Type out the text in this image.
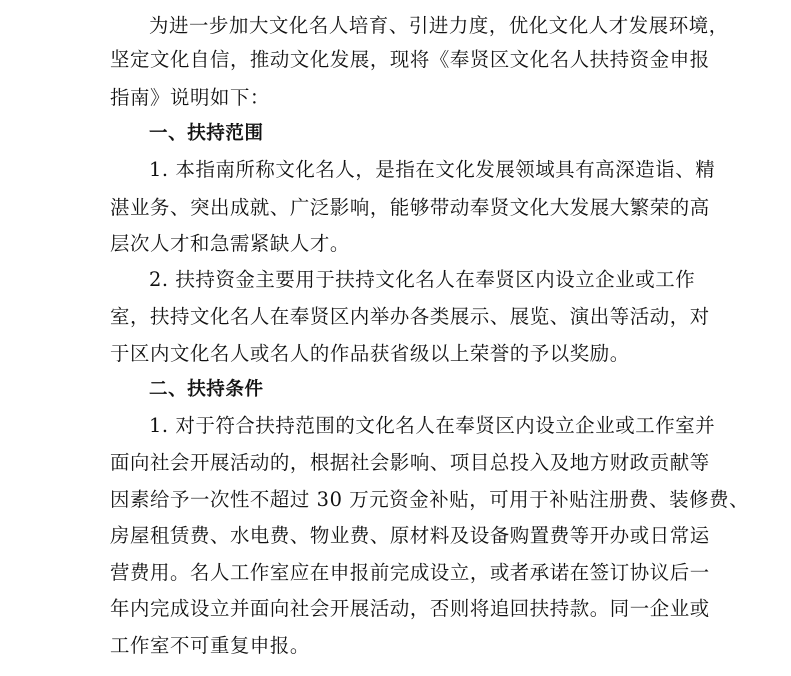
为进一步加大文化名人培育、引进力度，优化文化人才发展环境，
坚定文化自信，推动文化发展，现将《奉贤区文化名人扶持资金申报
指南》说明如下：
一、扶持范围
1. 本指南所称文化名人，是指在文化发展领域具有高深造诣、精
湛业务、突出成就、广泛影响，能够带动奉贤文化大发展大繁荣的高
层次人才和急需紧缺人才。
2. 扶持资金主要用于扶持文化名人在奉贤区内设立企业或工作
室，扶持文化名人在奉贤区内举办各类展示、展览、演出等活动，对
于区内文化名人或名人的作品获省级以上荣誉的予以奖励。
二、扶持条件
1. 对于符合扶持范围的文化名人在奉贤区内设立企业或工作室并
面向社会开展活动的，根据社会影响、项目总投入及地方财政贡献等
因素给予一次性不超过 30 万元资金补贴，可用于补贴注册费、装修费、
房屋租赁费、水电费、物业费、原材料及设备购置费等开办或日常运
营费用。名人工作室应在申报前完成设立，或者承诺在签订协议后一
年内完成设立并面向社会开展活动，否则将追回扶持款。同一企业或
工作室不可重复申报。
